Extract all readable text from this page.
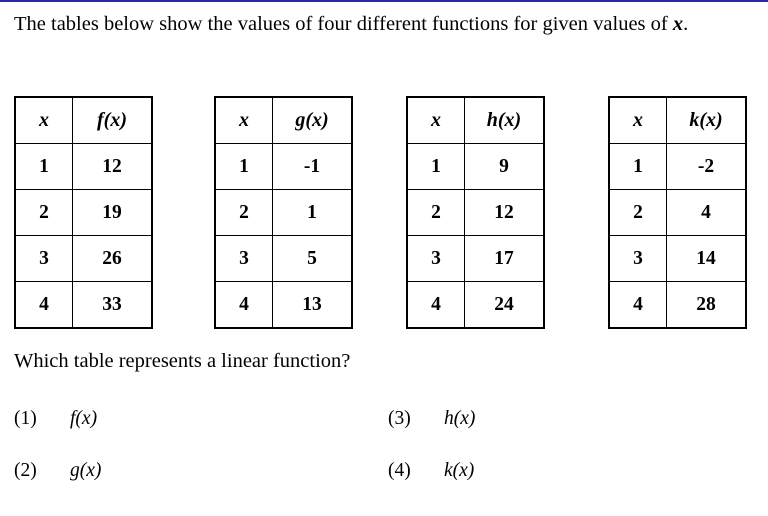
The tables below show the values of four different functions for given values of x.
x	f(x)
1	12
2	19
3	26
4	33
x	g(x)
1	-1
2	1
3	5
4	13
x	h(x)
1	9
2	12
3	17
4	24
x	k(x)
1	-2
2	4
3	14
4	28
Which table represents a linear function?
(1) f(x)
(2) g(x)
(3) h(x)
(4) k(x)
